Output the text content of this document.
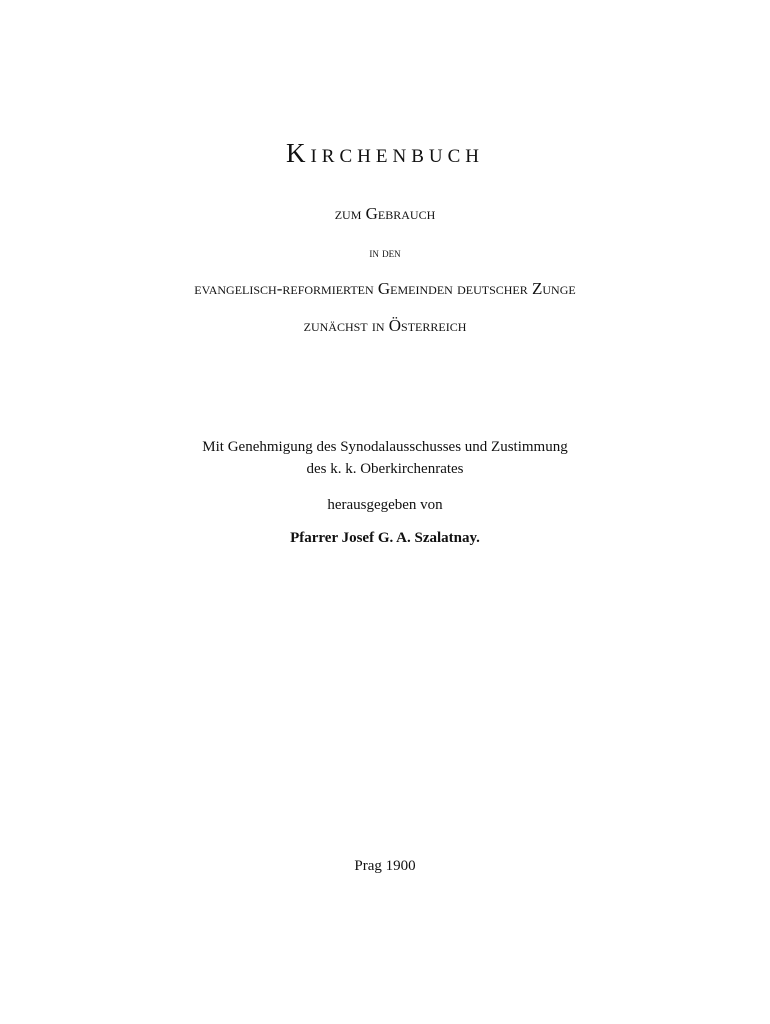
Kirchenbuch
zum Gebrauch
in den
evangelisch-reformierten Gemeinden deutscher Zunge
zunächst in Österreich
Mit Genehmigung des Synodalausschusses und Zustimmung
des k. k. Oberkirchenrates
herausgegeben von
Pfarrer Josef G. A. Szalatnay.
Prag 1900
